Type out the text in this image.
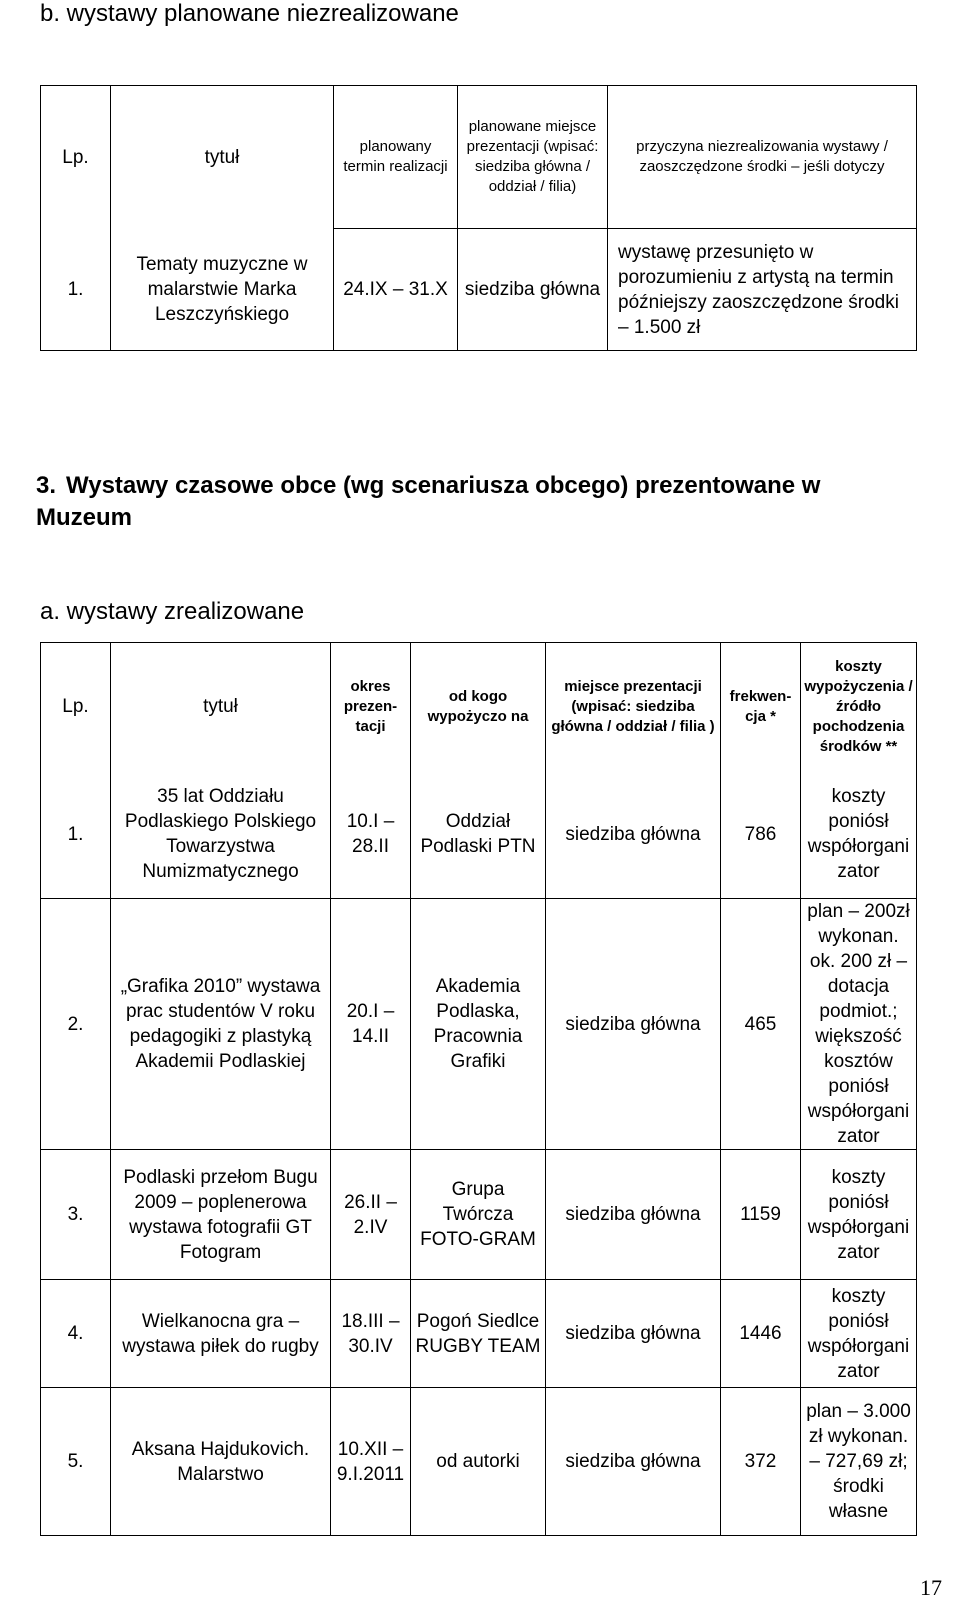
b. wystawy planowane niezrealizowane
Lp.	tytuł	planowany termin realizacji	planowane miejsce prezentacji (wpisać: siedziba główna / oddział / filia)	przyczyna niezrealizowania wystawy / zaoszczędzone środki – jeśli dotyczy
1.	Tematy muzyczne w malarstwie Marka Leszczyńskiego	24.IX – 31.X	siedziba główna	wystawę przesunięto w porozumieniu z artystą na termin późniejszy zaoszczędzone środki – 1.500 zł
3. Wystawy czasowe obce (wg scenariusza obcego) prezentowane w Muzeum
a. wystawy zrealizowane
Lp.	tytuł	okres prezen-tacji	od kogo wypożyczo na	miejsce prezentacji (wpisać: siedziba główna / oddział / filia )	frekwen-cja *	koszty wypożyczenia / źródło pochodzenia środków **
1.	35 lat Oddziału Podlaskiego Polskiego Towarzystwa Numizmatycznego	10.I – 28.II	Oddział Podlaski PTN	siedziba główna	786	koszty poniósł współorgani zator
2.	„Grafika 2010” wystawa prac studentów V roku pedagogiki z plastyką Akademii Podlaskiej	20.I – 14.II	Akademia Podlaska, Pracownia Grafiki	siedziba główna	465	plan – 200zł wykonan. ok. 200 zł – dotacja podmiot.; większość kosztów poniósł współorgani zator
3.	Podlaski przełom Bugu 2009 – poplenerowa wystawa fotografii GT Fotogram	26.II – 2.IV	Grupa Twórcza FOTO-GRAM	siedziba główna	1159	koszty poniósł współorgani zator
4.	Wielkanocna gra – wystawa piłek do rugby	18.III – 30.IV	Pogoń Siedlce RUGBY TEAM	siedziba główna	1446	koszty poniósł współorgani zator
5.	Aksana Hajdukovich. Malarstwo	10.XII – 9.I.2011	od autorki	siedziba główna	372	plan – 3.000 zł wykonan. – 727,69 zł; środki własne
17
